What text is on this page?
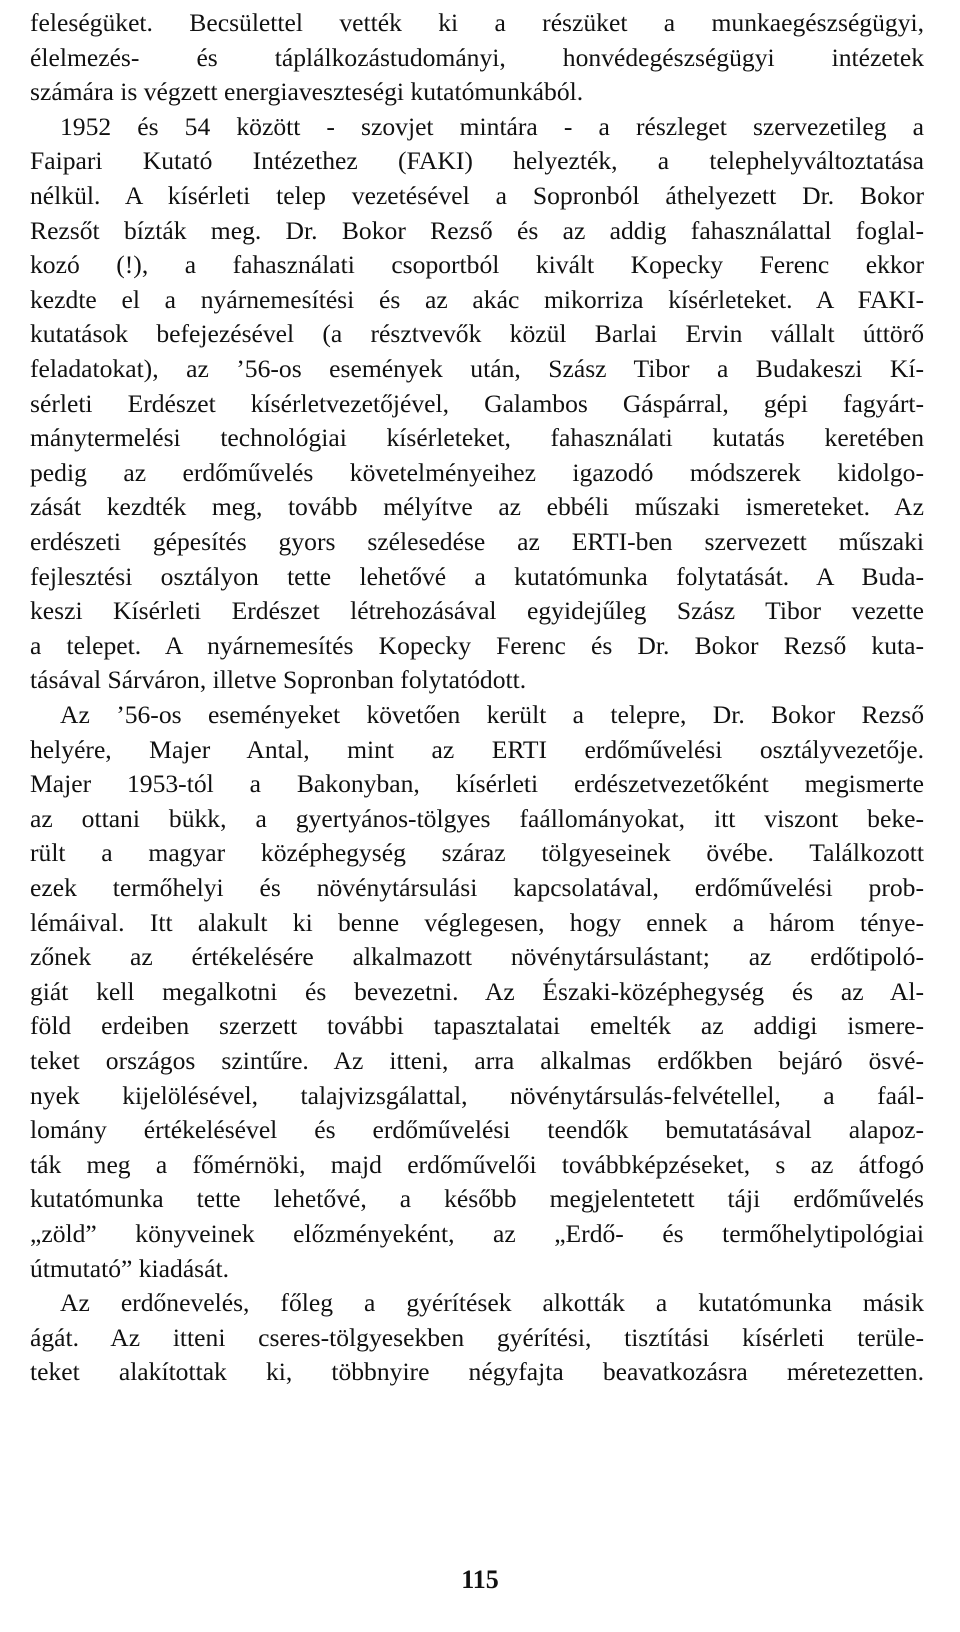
feleségüket. Becsülettel vették ki a részüket a munkaegészségügyi,
élelmezés- és táplálkozástudományi, honvédegészségügyi intézetek
számára is végzett energiaveszteségi kutatómunkából.
1952 és 54 között - szovjet mintára - a részleget szervezetileg a
Faipari Kutató Intézethez (FAKI) helyezték, a telephelyváltoztatása
nélkül. A kísérleti telep vezetésével a Sopronból áthelyezett Dr. Bokor
Rezsőt bízták meg. Dr. Bokor Rezső és az addig fahasználattal foglal-
kozó (!), a fahasználati csoportból kivált Kopecky Ferenc ekkor
kezdte el a nyárnemesítési és az akác mikorriza kísérleteket. A FAKI-
kutatások befejezésével (a résztvevők közül Barlai Ervin vállalt úttörő
feladatokat), az ’56-os események után, Szász Tibor a Budakeszi Kí-
sérleti Erdészet kísérletvezetőjével, Galambos Gáspárral, gépi fagyárt-
mánytermelési technológiai kísérleteket, fahasználati kutatás keretében
pedig az erdőművelés követelményeihez igazodó módszerek kidolgo-
zását kezdték meg, tovább mélyítve az ebbéli műszaki ismereteket. Az
erdészeti gépesítés gyors szélesedése az ERTI-ben szervezett műszaki
fejlesztési osztályon tette lehetővé a kutatómunka folytatását. A Buda-
keszi Kísérleti Erdészet létrehozásával egyidejűleg Szász Tibor vezette
a telepet. A nyárnemesítés Kopecky Ferenc és Dr. Bokor Rezső kuta-
tásával Sárváron, illetve Sopronban folytatódott.
Az ’56-os eseményeket követően került a telepre, Dr. Bokor Rezső
helyére, Majer Antal, mint az ERTI erdőművelési osztályvezetője.
Majer 1953-tól a Bakonyban, kísérleti erdészetvezetőként megismerte
az ottani bükk, a gyertyános-tölgyes faállományokat, itt viszont beke-
rült a magyar középhegység száraz tölgyeseinek övébe. Találkozott
ezek termőhelyi és növénytársulási kapcsolatával, erdőművelési prob-
lémáival. Itt alakult ki benne véglegesen, hogy ennek a három ténye-
zőnek az értékelésére alkalmazott növénytársulástant; az erdőtipoló-
giát kell megalkotni és bevezetni. Az Északi-középhegység és az Al-
föld erdeiben szerzett további tapasztalatai emelték az addigi ismere-
teket országos szintűre. Az itteni, arra alkalmas erdőkben bejáró ösvé-
nyek kijelölésével, talajvizsgálattal, növénytársulás-felvétellel, a faál-
lomány értékelésével és erdőművelési teendők bemutatásával alapoz-
ták meg a főmérnöki, majd erdőművelői továbbképzéseket, s az átfogó
kutatómunka tette lehetővé, a később megjelentetett táji erdőművelés
„zöld” könyveinek előzményeként, az „Erdő- és termőhelytipológiai
útmutató” kiadását.
Az erdőnevelés, főleg a gyérítések alkották a kutatómunka másik
ágát. Az itteni cseres-tölgyesekben gyérítési, tisztítási kísérleti terüle-
teket alakítottak ki, többnyire négyfajta beavatkozásra méretezetten.
115
